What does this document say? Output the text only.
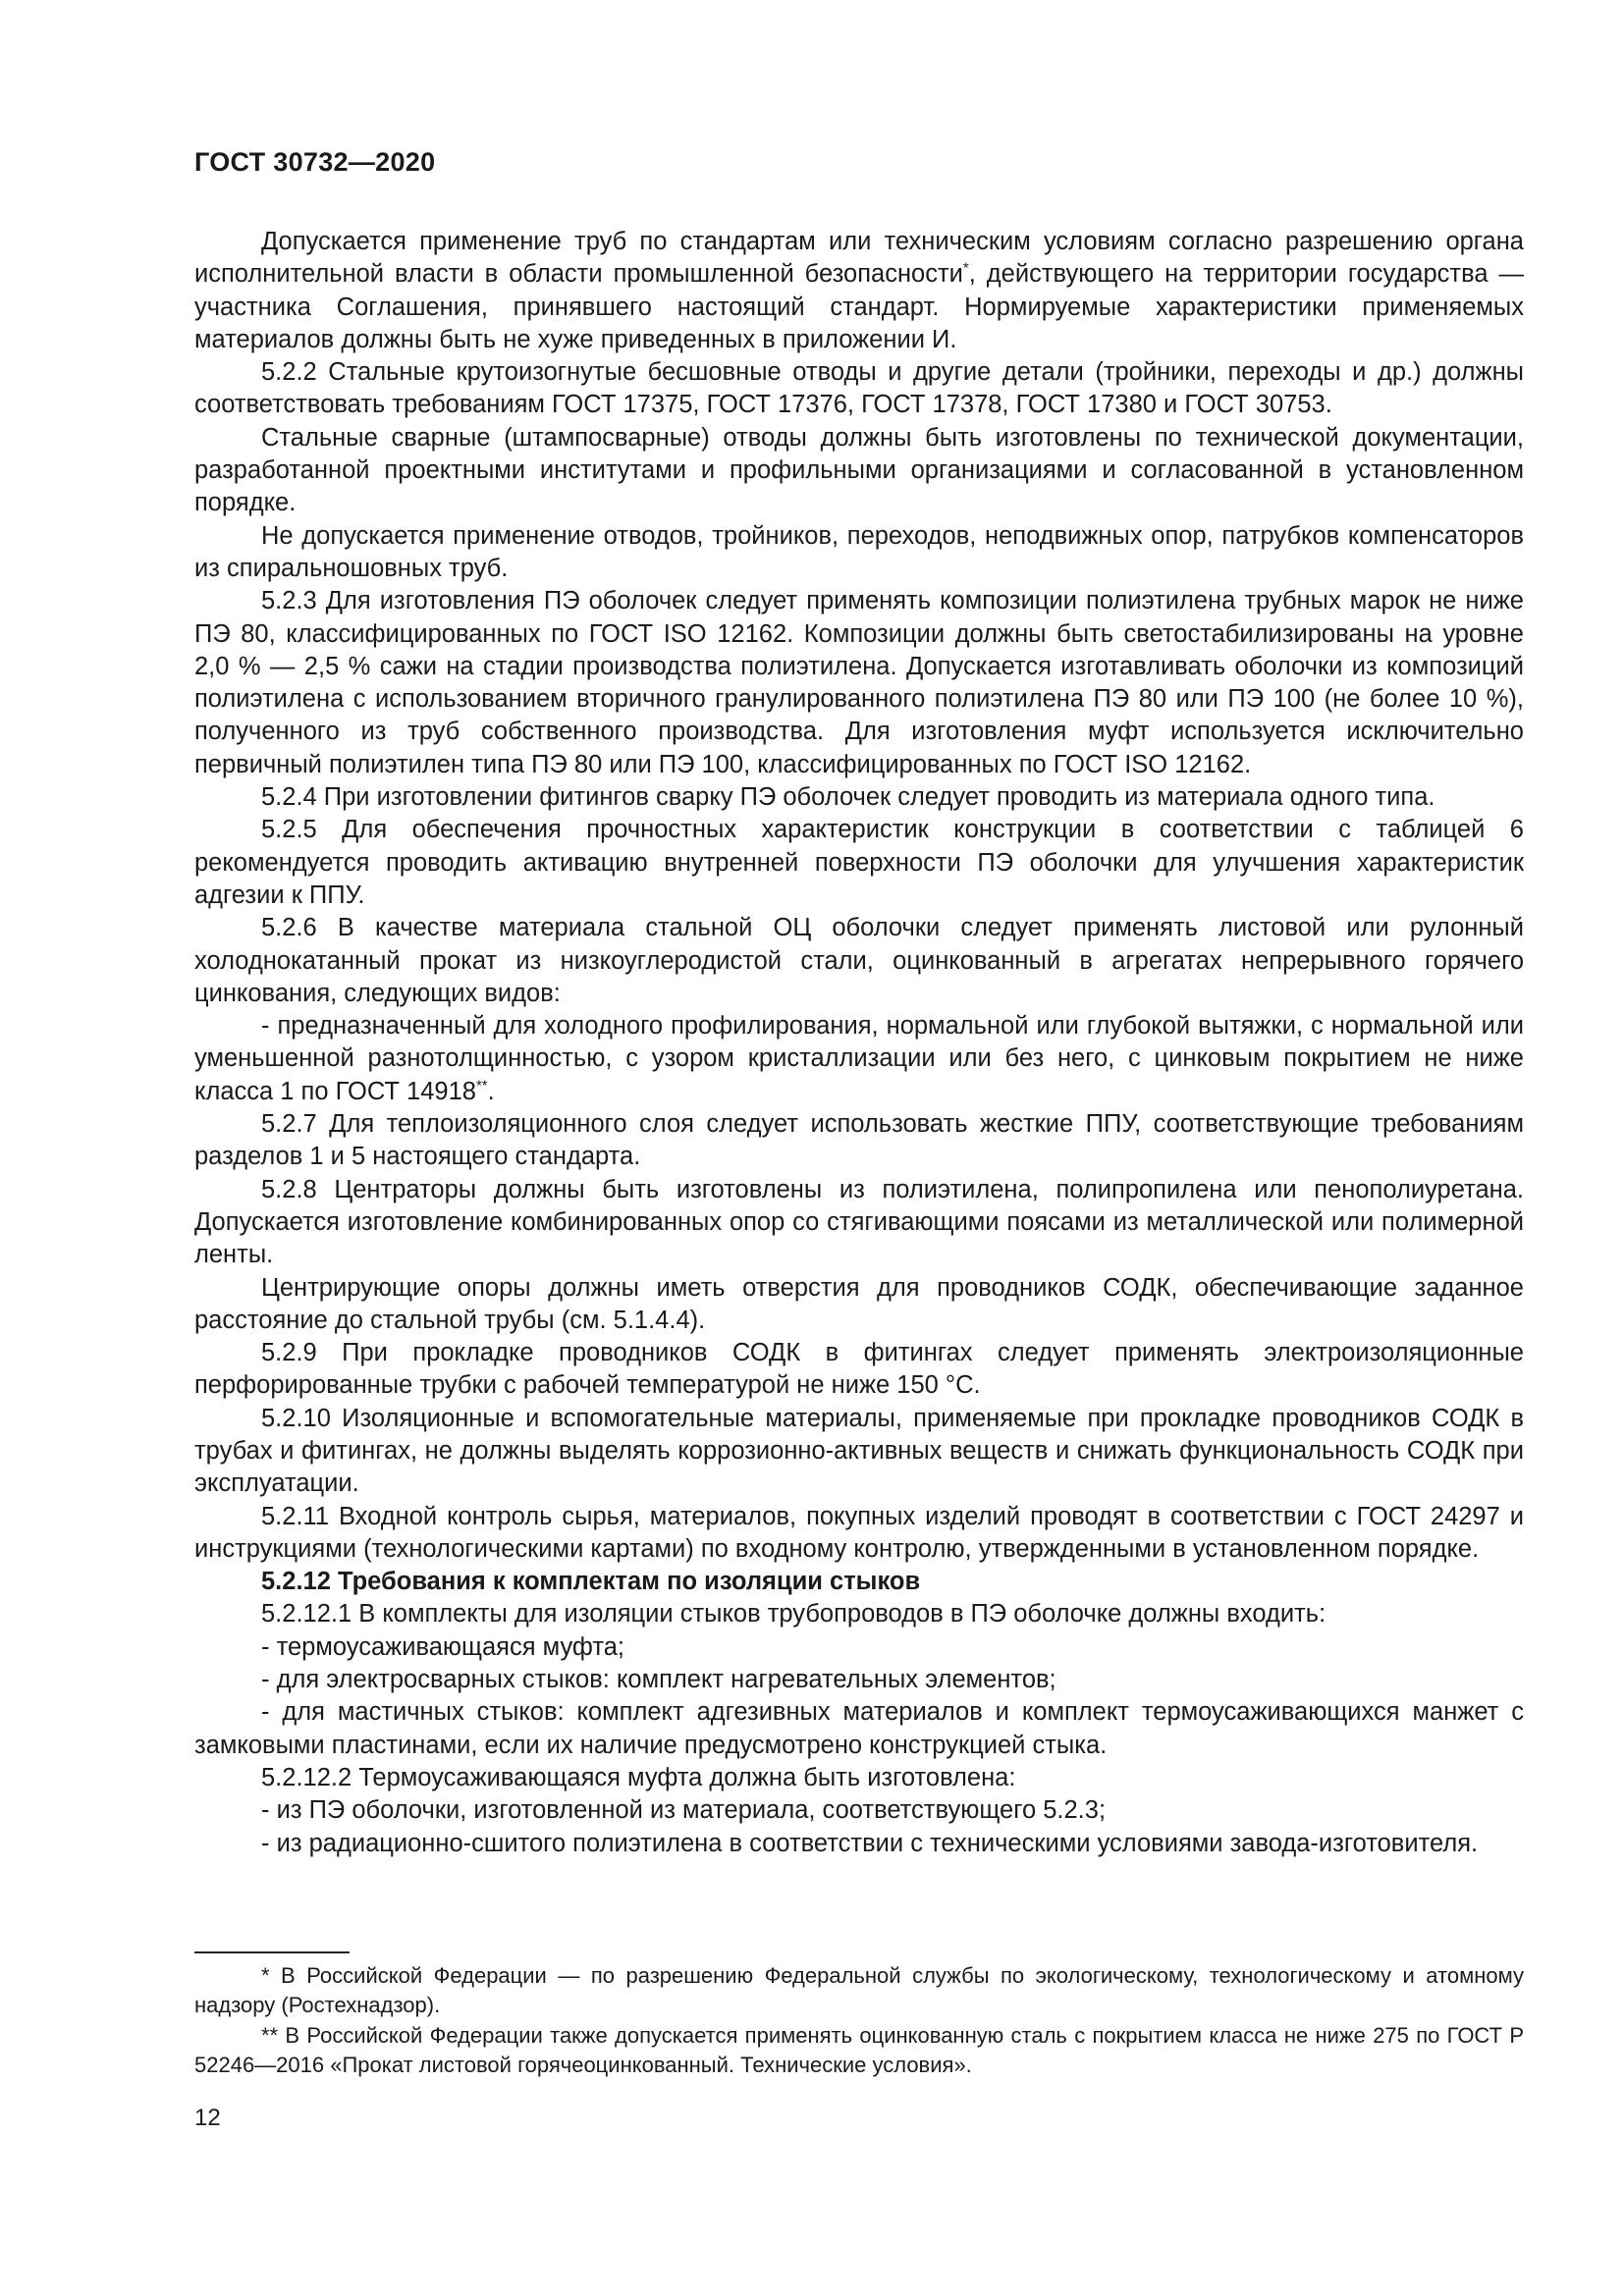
ГОСТ 30732—2020

Допускается применение труб по стандартам или техническим условиям согласно разрешению органа исполнительной власти в области промышленной безопасности*, действующего на территории государства — участника Соглашения, принявшего настоящий стандарт. Нормируемые характеристики применяемых материалов должны быть не хуже приведенных в приложении И.

5.2.2 Стальные крутоизогнутые бесшовные отводы и другие детали (тройники, переходы и др.) должны соответствовать требованиям ГОСТ 17375, ГОСТ 17376, ГОСТ 17378, ГОСТ 17380 и ГОСТ 30753.

Стальные сварные (штампосварные) отводы должны быть изготовлены по технической документации, разработанной проектными институтами и профильными организациями и согласованной в установленном порядке.

Не допускается применение отводов, тройников, переходов, неподвижных опор, патрубков компенсаторов из спиральношовных труб.

5.2.3 Для изготовления ПЭ оболочек следует применять композиции полиэтилена трубных марок не ниже ПЭ 80, классифицированных по ГОСТ ISO 12162. Композиции должны быть светостабилизированы на уровне 2,0 % — 2,5 % сажи на стадии производства полиэтилена. Допускается изготавливать оболочки из композиций полиэтилена с использованием вторичного гранулированного полиэтилена ПЭ 80 или ПЭ 100 (не более 10 %), полученного из труб собственного производства. Для изготовления муфт используется исключительно первичный полиэтилен типа ПЭ 80 или ПЭ 100, классифицированных по ГОСТ ISO 12162.

5.2.4 При изготовлении фитингов сварку ПЭ оболочек следует проводить из материала одного типа.

5.2.5 Для обеспечения прочностных характеристик конструкции в соответствии с таблицей 6 рекомендуется проводить активацию внутренней поверхности ПЭ оболочки для улучшения характеристик адгезии к ППУ.

5.2.6 В качестве материала стальной ОЦ оболочки следует применять листовой или рулонный холоднокатанный прокат из низкоуглеродистой стали, оцинкованный в агрегатах непрерывного горячего цинкования, следующих видов:

- предназначенный для холодного профилирования, нормальной или глубокой вытяжки, с нормальной или уменьшенной разнотолщинностью, с узором кристаллизации или без него, с цинковым покрытием не ниже класса 1 по ГОСТ 14918**.

5.2.7 Для теплоизоляционного слоя следует использовать жесткие ППУ, соответствующие требованиям разделов 1 и 5 настоящего стандарта.

5.2.8 Центраторы должны быть изготовлены из полиэтилена, полипропилена или пенополиуретана. Допускается изготовление комбинированных опор со стягивающими поясами из металлической или полимерной ленты.

Центрирующие опоры должны иметь отверстия для проводников СОДК, обеспечивающие заданное расстояние до стальной трубы (см. 5.1.4.4).

5.2.9 При прокладке проводников СОДК в фитингах следует применять электроизоляционные перфорированные трубки с рабочей температурой не ниже 150 °С.

5.2.10 Изоляционные и вспомогательные материалы, применяемые при прокладке проводников СОДК в трубах и фитингах, не должны выделять коррозионно-активных веществ и снижать функциональность СОДК при эксплуатации.

5.2.11 Входной контроль сырья, материалов, покупных изделий проводят в соответствии с ГОСТ 24297 и инструкциями (технологическими картами) по входному контролю, утвержденными в установленном порядке.

5.2.12 Требования к комплектам по изоляции стыков

5.2.12.1 В комплекты для изоляции стыков трубопроводов в ПЭ оболочке должны входить:

- термоусаживающаяся муфта;

- для электросварных стыков: комплект нагревательных элементов;

- для мастичных стыков: комплект адгезивных материалов и комплект термоусаживающихся манжет с замковыми пластинами, если их наличие предусмотрено конструкцией стыка.

5.2.12.2 Термоусаживающаяся муфта должна быть изготовлена:

- из ПЭ оболочки, изготовленной из материала, соответствующего 5.2.3;

- из радиационно-сшитого полиэтилена в соответствии с техническими условиями завода-изготовителя.

* В Российской Федерации — по разрешению Федеральной службы по экологическому, технологическому и атомному надзору (Ростехнадзор).

** В Российской Федерации также допускается применять оцинкованную сталь с покрытием класса не ниже 275 по ГОСТ Р 52246—2016 «Прокат листовой горячеоцинкованный. Технические условия».

12
